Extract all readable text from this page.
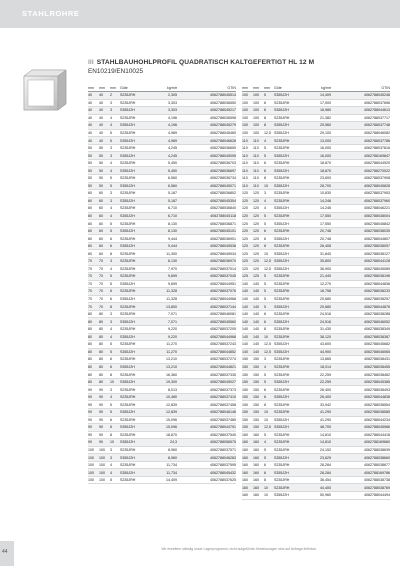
STAHLROHRE
III STAHLBAUHOHLPROFIL QUADRATISCH KALTGEFERTIGT HL 12 M
EN10219/EN10025
mm	mm	mm	Güte	kg/mtr	GTIN
40	40	2	S235JRH	2,305	4062788045514
40	40	3	S235JRH	3,303	4062788036550
40	40	3	S355J2H	3,303	4062788045217
40	40	4	S235JRH	4,196	4062788036598
40	40	4	S355J2H	4,196	4062788045279
40	40	5	S235JRH	4,989	4062788045460
40	40	5	S355J2H	4,989	4062788046628
50	50	3	S235JRH	4,245	4062788036659
50	50	3	S355J2H	4,245	4062788045095
50	50	4	S235JRH	5,450	4062788036703
50	50	4	S355J2H	5,450	4062788036697
50	50	5	S235JRH	6,560	4062788036734
50	50	5	S355J2H	6,560	4062788045071
60	60	3	S235JRH	5,187	4062788036802
60	60	3	S355J2H	5,187	4062788045354
60	60	4	S235JRH	6,710	4062788036840
60	60	4	S355J2H	6,710	4062788045118
60	60	5	S235JRH	8,130	4062788036871
60	60	5	S355J2H	8,130	4062788045101
60	60	6	S235JRH	9,444	4062788036901
60	60	6	S355J2H	9,444	4062788045538
60	60	8	S235JRH	11,300	4062788045934
70	70	3	S235JRH	6,130	4062788036970
70	70	4	S235JRH	7,970	4062788037014
70	70	5	S235JRH	9,699	4062788037045
70	70	5	S355J2H	9,699	4062788044951
70	70	6	S235JRH	11,328	4062788037076
70	70	6	S355J2H	11,328	4062788044968
70	70	8	S235JRH	13,800	4062788037144
80	80	3	S235JRH	7,071	4062788046081
80	80	3	S355J2H	7,071	4062788045560
80	80	4	S235JRH	9,220	4062788037205
80	80	4	S355J2H	9,220	4062788044968
80	80	5	S235JRH	11,270	4062788037243
80	80	5	S355J2H	11,270	4062788044852
80	80	6	S235JRH	13,210	4062788037274
80	80	6	S355J2H	13,210	4062788044821
80	80	8	S235JRH	16,360	4062788037335
80	80	10	S355J2H	19,300	4062788045027
90	90	3	S235JRH	8,013	4062788037373
90	90	4	S235JRH	10,480	4062788037410
90	90	5	S235JRH	12,839	4062788037458
90	90	5	S355J2H	12,839	4062788046146
90	90	6	S235JRH	15,096	4062788037489
90	90	6	S355J2H	15,096	4062788044791
90	90	8	S235JRH	18,870	4062788037540
90	90	10	S355J2H	24,3	4062788056575
100	100	3	S235JRH	8,960	4062788037571
100	100	3	S355J2H	8,960	4062788046283
100	100	4	S235JRH	11,734	4062788037595
100	100	4	S355J2H	11,734	4062788045432
100	100	5	S235JRH	14,409	4062788037625
mm	mm	mm	Güte	kg/mtr	GTIN
100	100	5	S355J2H	14,409	4062788045248
100	100	6	S235JRH	17,000	4062788037656
100	100	6	S355J2H	16,980	4062788044613
100	100	8	S235JRH	21,382	4062788037717
100	100	8	S355J2H	25,560	4062788037748
100	100	12,5	S355J2H	29,100	4062788046082
110	110	4	S235JRH	13,000	4062788037786
110	110	5	S235JRH	16,000	4062788037816
110	110	5	S355J2H	16,000	4062788169847
110	110	6	S235JRH	18,870	4062788044920
110	110	6	S355J2H	18,870	4062788270022
110	110	8	S235JRH	23,600	4062788037908
110	110	10	S355J2H	28,700	4062788045828
120	120	3	S235JRH	10,830	4062788037953
120	120	4	S235JRH	14,246	4062788037960
120	120	4	S355J2H	14,246	4062788046221
120	120	5	S235JRH	17,550	4062788038004
120	120	5	S355J2H	17,550	4062788045842
120	120	6	S235JRH	20,748	4062788038035
120	120	6	S355J2H	20,748	4062788044807
120	120	8	S235JRH	26,408	4062788038097
120	120	10	S355J2H	31,840	4062788038127
120	120	12,5	S355J2H	35,800	4062788044128
120	120	12,5	S355J2H	36,900	4062788045089
125	125	5	S235JRH	21,440	4062788038196
140	140	5	S235JRH	12,270	4062788044836
140	140	5	S235JRH	16,758	4062788038233
140	140	5	S235JRH	20,680	4062788038257
140	140	5	S355J2H	20,680	4062788044876
140	140	6	S235JRH	24,516	4062788038288
140	140	6	S355J2H	24,516	4062788046052
140	140	8	S235JRH	31,430	4062788038349
140	140	10	S235JRH	38,120	4062788038387
140	140	12,5	S355J2H	43,600	4062788045682
140	140	12,5	S355J2H	44,900	4062788046065
150	150	3	S235JRH	13,665	4062788038431
150	150	4	S235JRH	18,014	4062788038455
150	150	5	S235JRH	22,259	4062788038462
150	150	5	S355J2H	22,259	4062788045385
150	150	6	S235JRH	26,400	4062788038493
150	150	6	S355J2H	26,400	4062788044838
150	150	8	S235JRH	33,942	4062788038554
150	150	10	S235JRH	41,290	4062788038585
150	150	10	S355J2H	41,290	4062788044234
150	150	12,5	S355J2H	48,700	4062788045966
160	160	5	S235JRH	14,810	4062788044418
160	160	4	S235JRH	14,810	4062788169660
160	160	5	S235JRH	24,152	4062788038639
160	160	5	S355J2H	23,629	4062788038660
160	160	6	S235JRH	28,284	4062788038677
160	160	6	S355J2H	28,284	4062788169786
160	160	8	S235JRH	36,454	4062788038738
160	160	10	S235JRH	44,400	4062788038769
160	160	10	S355J2H	50,960	4062788044494
Wir erweitern ständig unser Lagerprogramm, nicht aufgeführte Abmessungen sind auf Anfrage lieferbar.
44
